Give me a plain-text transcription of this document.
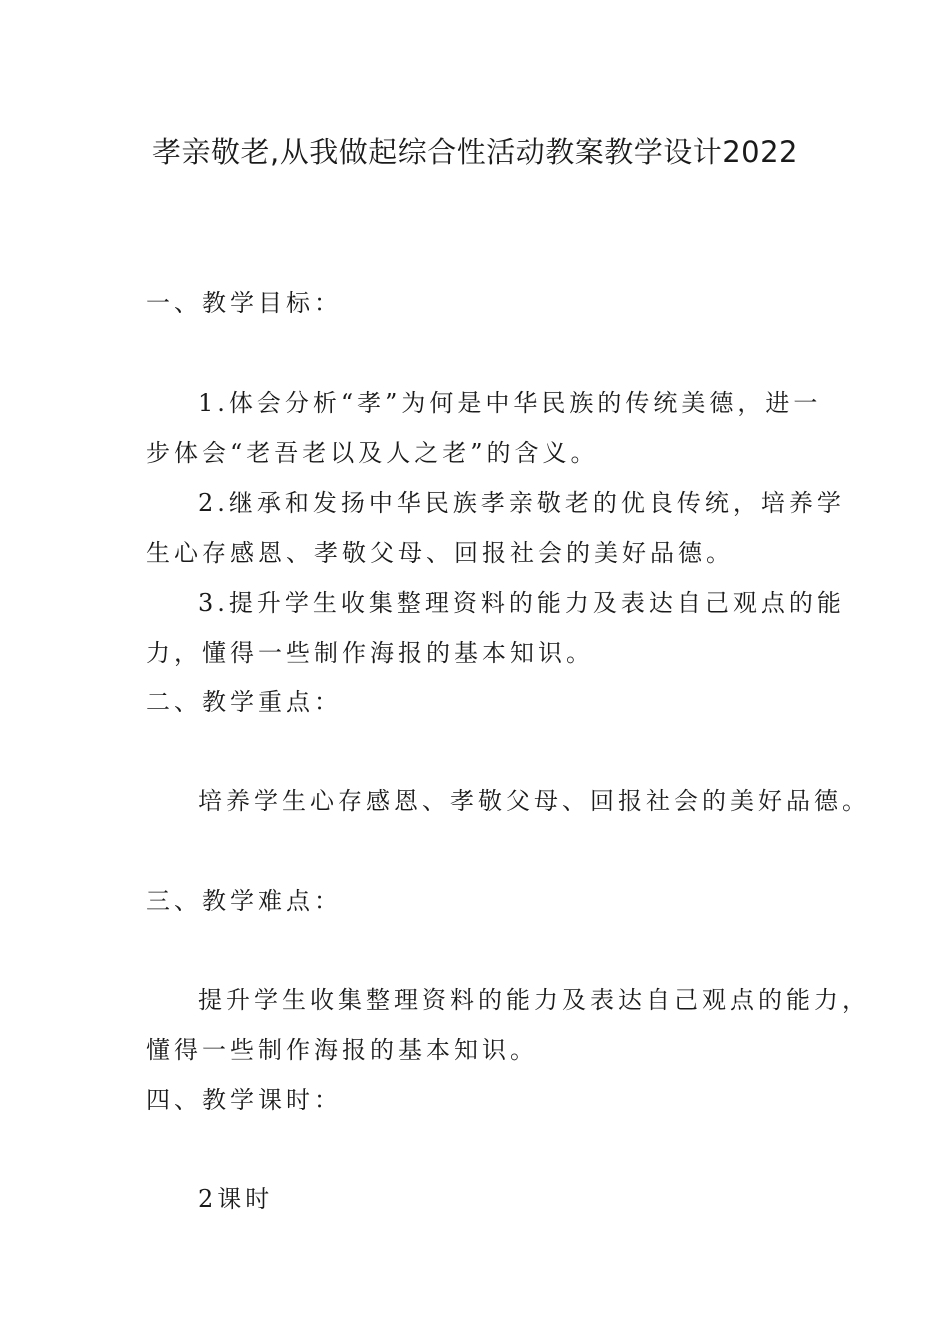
孝亲敬老,从我做起综合性活动教案教学设计2022
一、教学目标：
1.体会分析“孝”为何是中华民族的传统美德，进一
步体会“老吾老以及人之老”的含义。
2.继承和发扬中华民族孝亲敬老的优良传统，培养学
生心存感恩、孝敬父母、回报社会的美好品德。
3.提升学生收集整理资料的能力及表达自己观点的能
力，懂得一些制作海报的基本知识。
二、教学重点：
培养学生心存感恩、孝敬父母、回报社会的美好品德。
三、教学难点：
提升学生收集整理资料的能力及表达自己观点的能力，
懂得一些制作海报的基本知识。
四、教学课时：
2课时
